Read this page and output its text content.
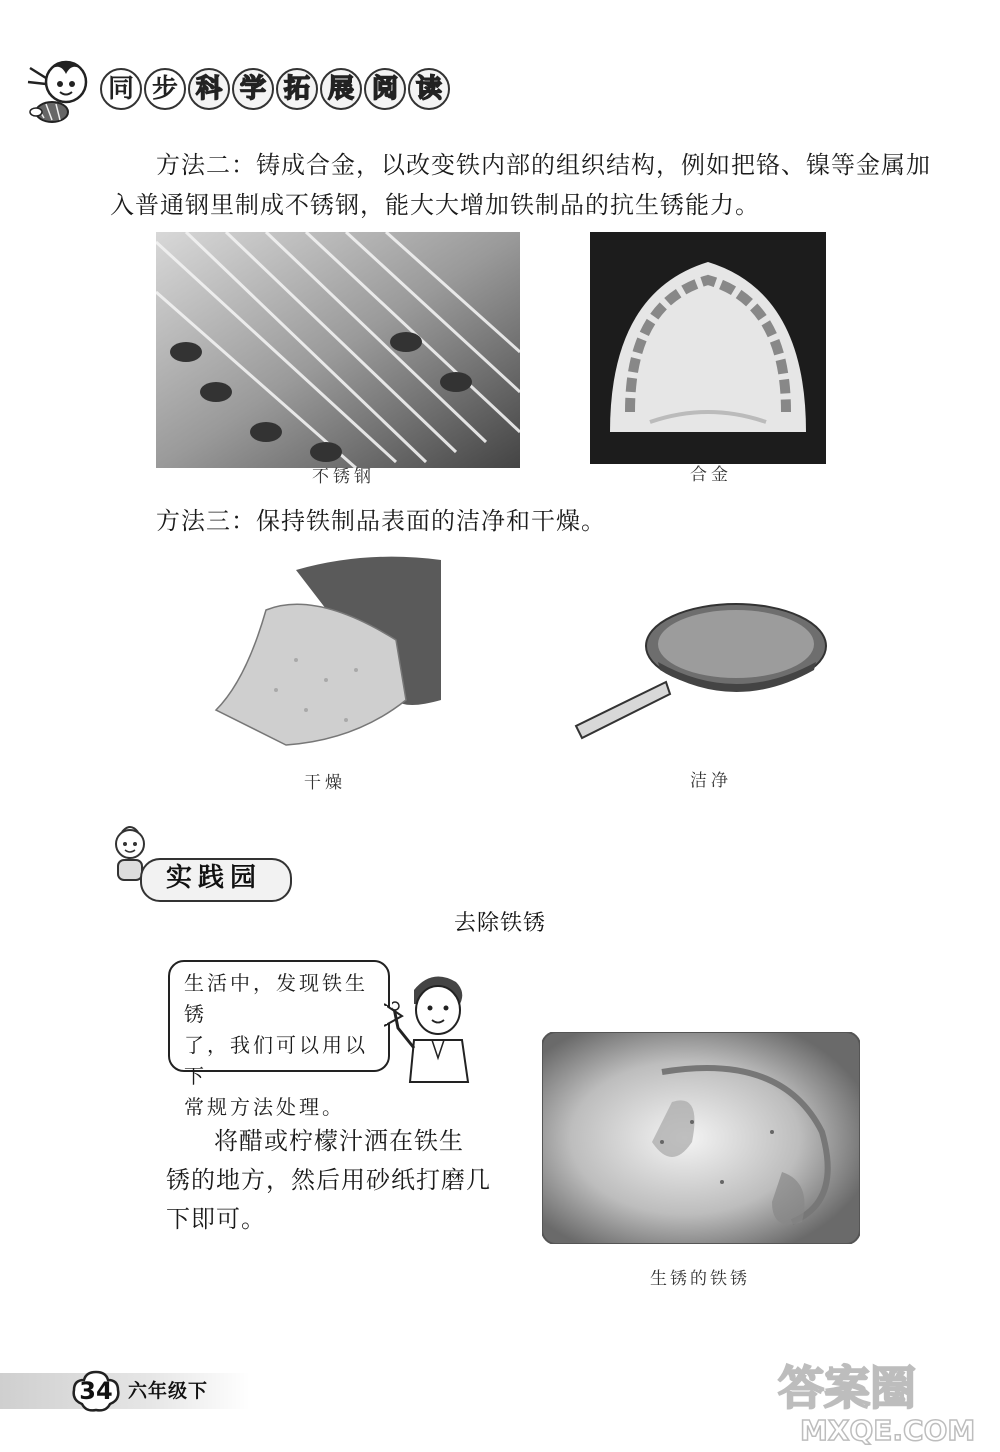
同 步 科 学 拓 展 阅 读
方法二：铸成合金，以改变铁内部的组织结构，例如把铬、镍等金属加
入普通钢里制成不锈钢，能大大增加铁制品的抗生锈能力。
不锈钢	合金
方法三：保持铁制品表面的洁净和干燥。
干燥	洁净
实践园
去除铁锈
生活中，发现铁生锈
了，我们可以用以下
常规方法处理。
将醋或柠檬汁洒在铁生
锈的地方，然后用砂纸打磨几
下即可。
生锈的铁锈
34 六年级下	答案圈
MXQE.COM
